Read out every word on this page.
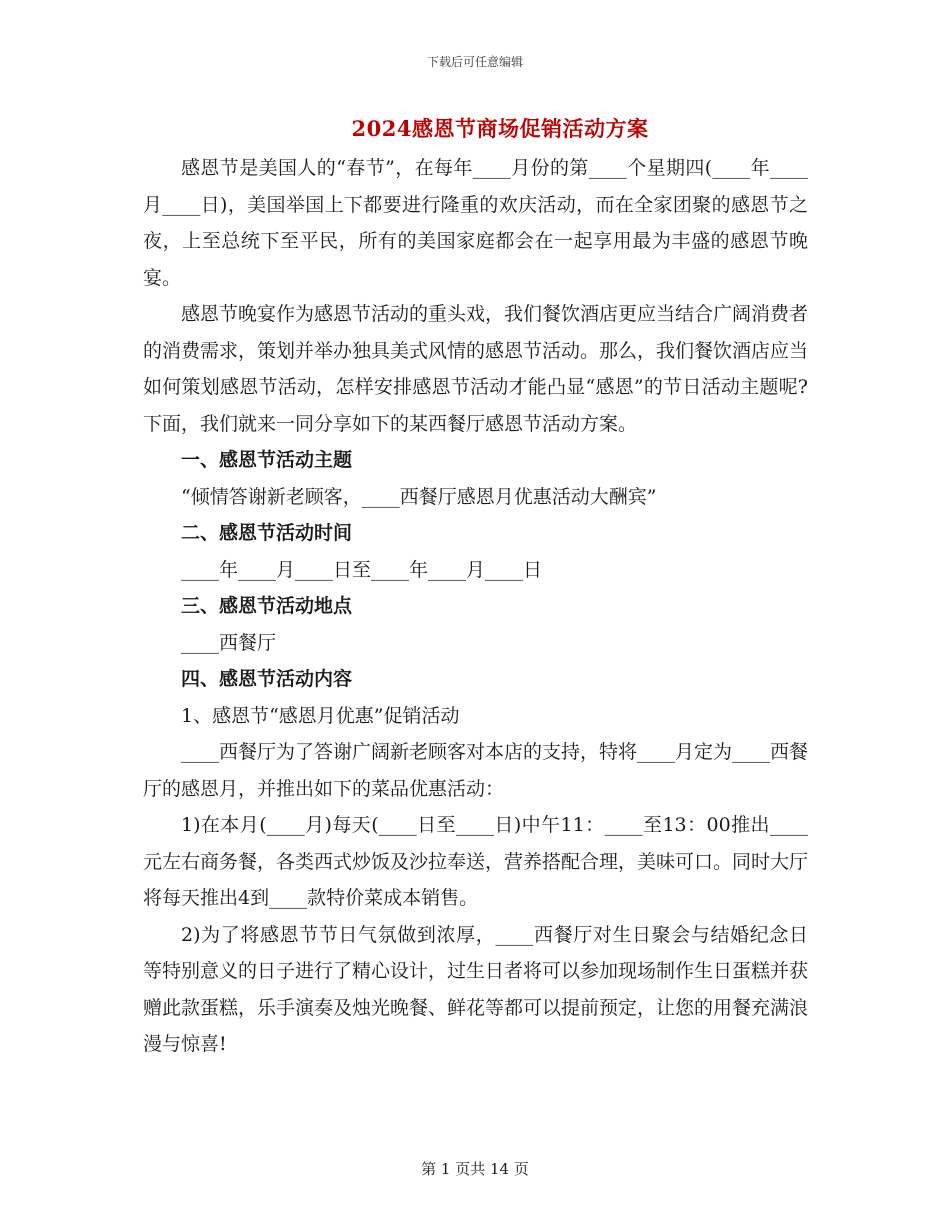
下载后可任意编辑
2024感恩节商场促销活动方案

感恩节是美国人的“春节”，在每年____月份的第____个星期四(____年____月____日)，美国举国上下都要进行隆重的欢庆活动，而在全家团聚的感恩节之夜，上至总统下至平民，所有的美国家庭都会在一起享用最为丰盛的感恩节晚宴。

感恩节晚宴作为感恩节活动的重头戏，我们餐饮酒店更应当结合广阔消费者的消费需求，策划并举办独具美式风情的感恩节活动。那么，我们餐饮酒店应当如何策划感恩节活动，怎样安排感恩节活动才能凸显“感恩”的节日活动主题呢?下面，我们就来一同分享如下的某西餐厅感恩节活动方案。

一、感恩节活动主题

“倾情答谢新老顾客，____西餐厅感恩月优惠活动大酬宾”

二、感恩节活动时间

____年____月____日至____年____月____日

三、感恩节活动地点

____西餐厅

四、感恩节活动内容

1、感恩节“感恩月优惠”促销活动

____西餐厅为了答谢广阔新老顾客对本店的支持，特将____月定为____西餐厅的感恩月，并推出如下的菜品优惠活动：

1)在本月(____月)每天(____日至____日)中午11：____至13：00推出____元左右商务餐，各类西式炒饭及沙拉奉送，营养搭配合理，美味可口。同时大厅将每天推出4到____款特价菜成本销售。

2)为了将感恩节节日气氛做到浓厚，____西餐厅对生日聚会与结婚纪念日等特别意义的日子进行了精心设计，过生日者将可以参加现场制作生日蛋糕并获赠此款蛋糕，乐手演奏及烛光晚餐、鲜花等都可以提前预定，让您的用餐充满浪漫与惊喜!

第 1 页共 14 页
